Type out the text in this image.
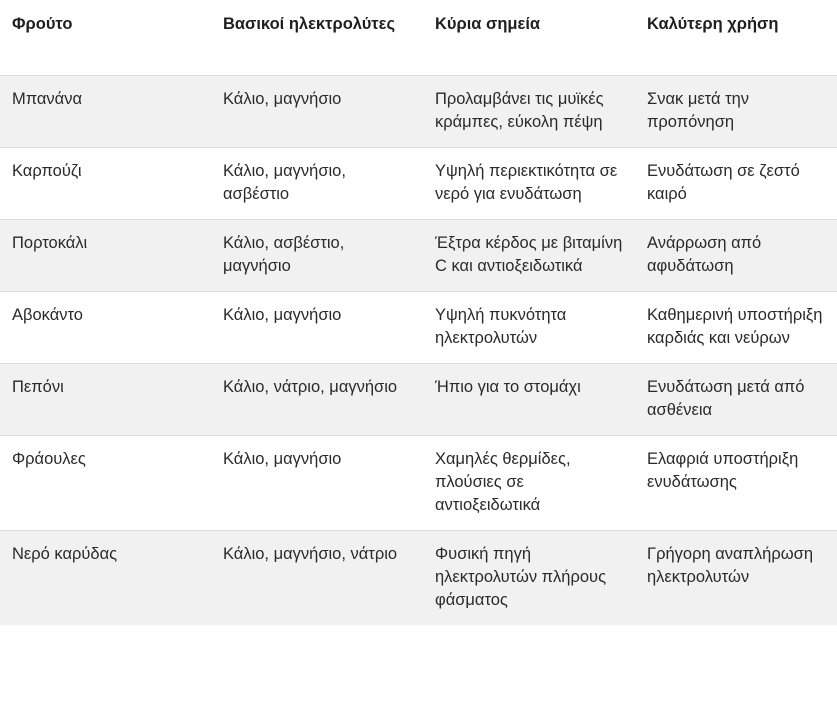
Φρούτο	Βασικοί ηλεκτρολύτες	Κύρια σημεία	Καλύτερη χρήση
Μπανάνα	Κάλιο, μαγνήσιο	Προλαμβάνει τις μυϊκές κράμπες, εύκολη πέψη	Σνακ μετά την προπόνηση
Καρπούζι	Κάλιο, μαγνήσιο, ασβέστιο	Υψηλή περιεκτικότητα σε νερό για ενυδάτωση	Ενυδάτωση σε ζεστό καιρό
Πορτοκάλι	Κάλιο, ασβέστιο, μαγνήσιο	Έξτρα κέρδος με βιταμίνη C και αντιοξειδωτικά	Ανάρρωση από αφυδάτωση
Αβοκάντο	Κάλιο, μαγνήσιο	Υψηλή πυκνότητα ηλεκτρολυτών	Καθημερινή υποστήριξη καρδιάς και νεύρων
Πεπόνι	Κάλιο, νάτριο, μαγνήσιο	Ήπιο για το στομάχι	Ενυδάτωση μετά από ασθένεια
Φράουλες	Κάλιο, μαγνήσιο	Χαμηλές θερμίδες, πλούσιες σε αντιοξειδωτικά	Ελαφριά υποστήριξη ενυδάτωσης
Νερό καρύδας	Κάλιο, μαγνήσιο, νάτριο	Φυσική πηγή ηλεκτρολυτών πλήρους φάσματος	Γρήγορη αναπλήρωση ηλεκτρολυτών
